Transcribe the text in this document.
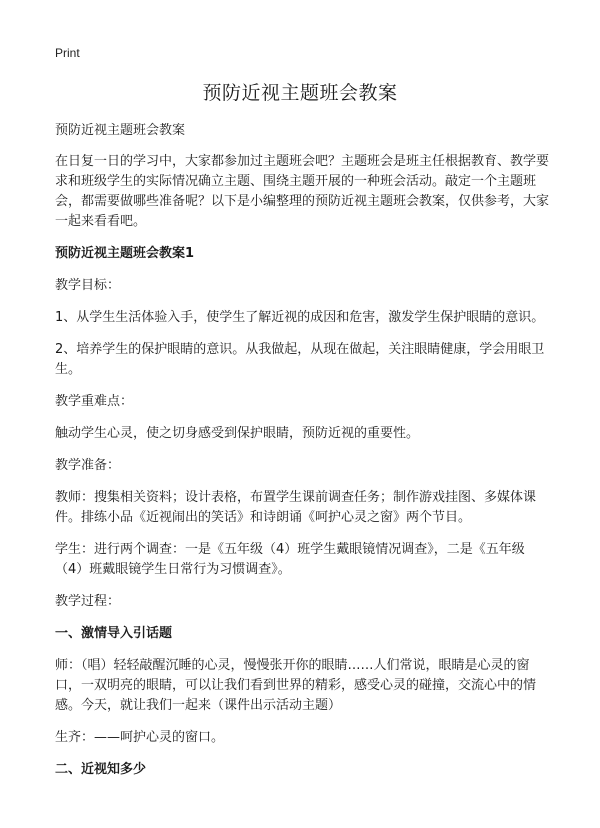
Print
预防近视主题班会教案

预防近视主题班会教案

在日复一日的学习中，大家都参加过主题班会吧？主题班会是班主任根据教育、教学要求和班级学生的实际情况确立主题、围绕主题开展的一种班会活动。敲定一个主题班会，都需要做哪些准备呢？以下是小编整理的预防近视主题班会教案，仅供参考，大家一起来看看吧。

预防近视主题班会教案1

教学目标：

1、从学生生活体验入手，使学生了解近视的成因和危害，激发学生保护眼睛的意识。

2、培养学生的保护眼睛的意识。从我做起，从现在做起，关注眼睛健康，学会用眼卫生。

教学重难点：

触动学生心灵，使之切身感受到保护眼睛，预防近视的重要性。

教学准备：

教师：搜集相关资料；设计表格，布置学生课前调查任务；制作游戏挂图、多媒体课件。排练小品《近视闹出的笑话》和诗朗诵《呵护心灵之窗》两个节目。

学生：进行两个调查：一是《五年级（4）班学生戴眼镜情况调查》，二是《五年级（4）班戴眼镜学生日常行为习惯调查》。

教学过程：

一、激情导入引话题

师：（唱）轻轻敲醒沉睡的心灵，慢慢张开你的眼睛……人们常说，眼睛是心灵的窗口，一双明亮的眼睛，可以让我们看到世界的精彩，感受心灵的碰撞，交流心中的情感。今天，就让我们一起来（课件出示活动主题）

生齐：——呵护心灵的窗口。

二、近视知多少
